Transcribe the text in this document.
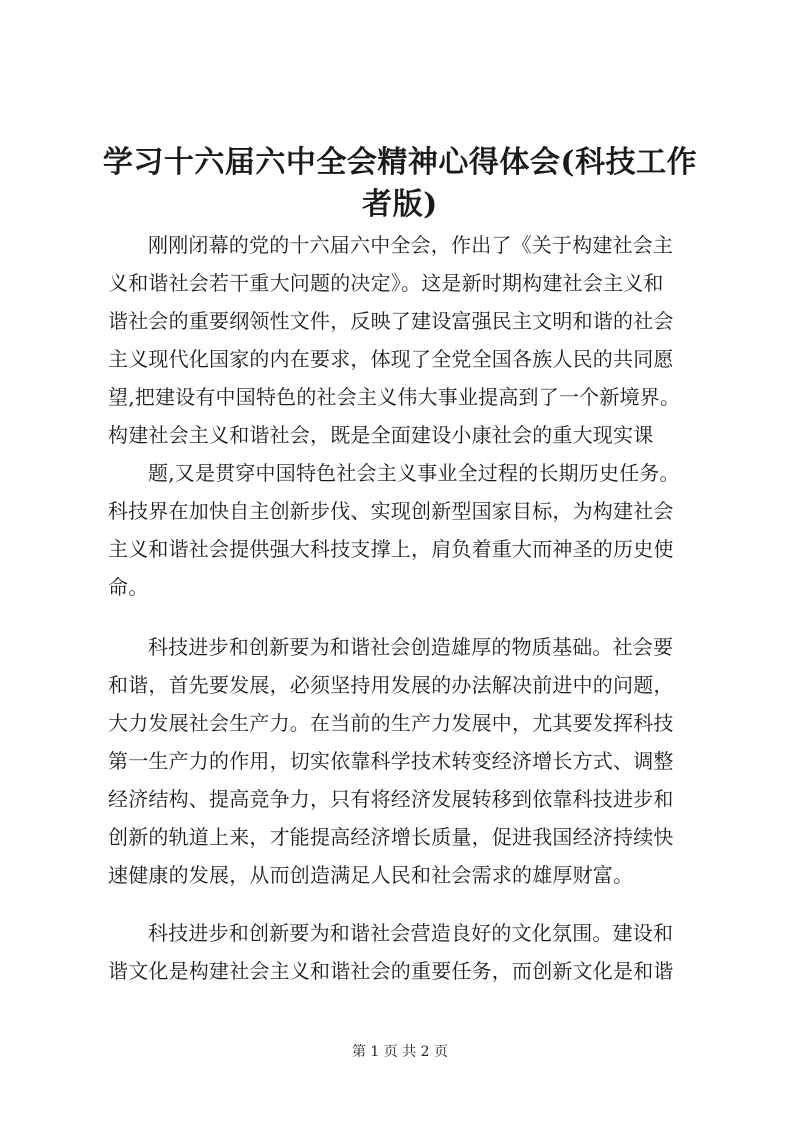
学习十六届六中全会精神心得体会(科技工作
者版)
刚刚闭幕的党的十六届六中全会，作出了《关于构建社会主
义和谐社会若干重大问题的决定》。这是新时期构建社会主义和
谐社会的重要纲领性文件，反映了建设富强民主文明和谐的社会
主义现代化国家的内在要求，体现了全党全国各族人民的共同愿
望,把建设有中国特色的社会主义伟大事业提高到了一个新境界。
构建社会主义和谐社会，既是全面建设小康社会的重大现实课
题,又是贯穿中国特色社会主义事业全过程的长期历史任务。
科技界在加快自主创新步伐、实现创新型国家目标，为构建社会
主义和谐社会提供强大科技支撑上，肩负着重大而神圣的历史使
命。
科技进步和创新要为和谐社会创造雄厚的物质基础。社会要
和谐，首先要发展，必须坚持用发展的办法解决前进中的问题，
大力发展社会生产力。在当前的生产力发展中，尤其要发挥科技
第一生产力的作用，切实依靠科学技术转变经济增长方式、调整
经济结构、提高竞争力，只有将经济发展转移到依靠科技进步和
创新的轨道上来，才能提高经济增长质量，促进我国经济持续快
速健康的发展，从而创造满足人民和社会需求的雄厚财富。
科技进步和创新要为和谐社会营造良好的文化氛围。建设和
谐文化是构建社会主义和谐社会的重要任务，而创新文化是和谐
第 1 页 共 2 页
